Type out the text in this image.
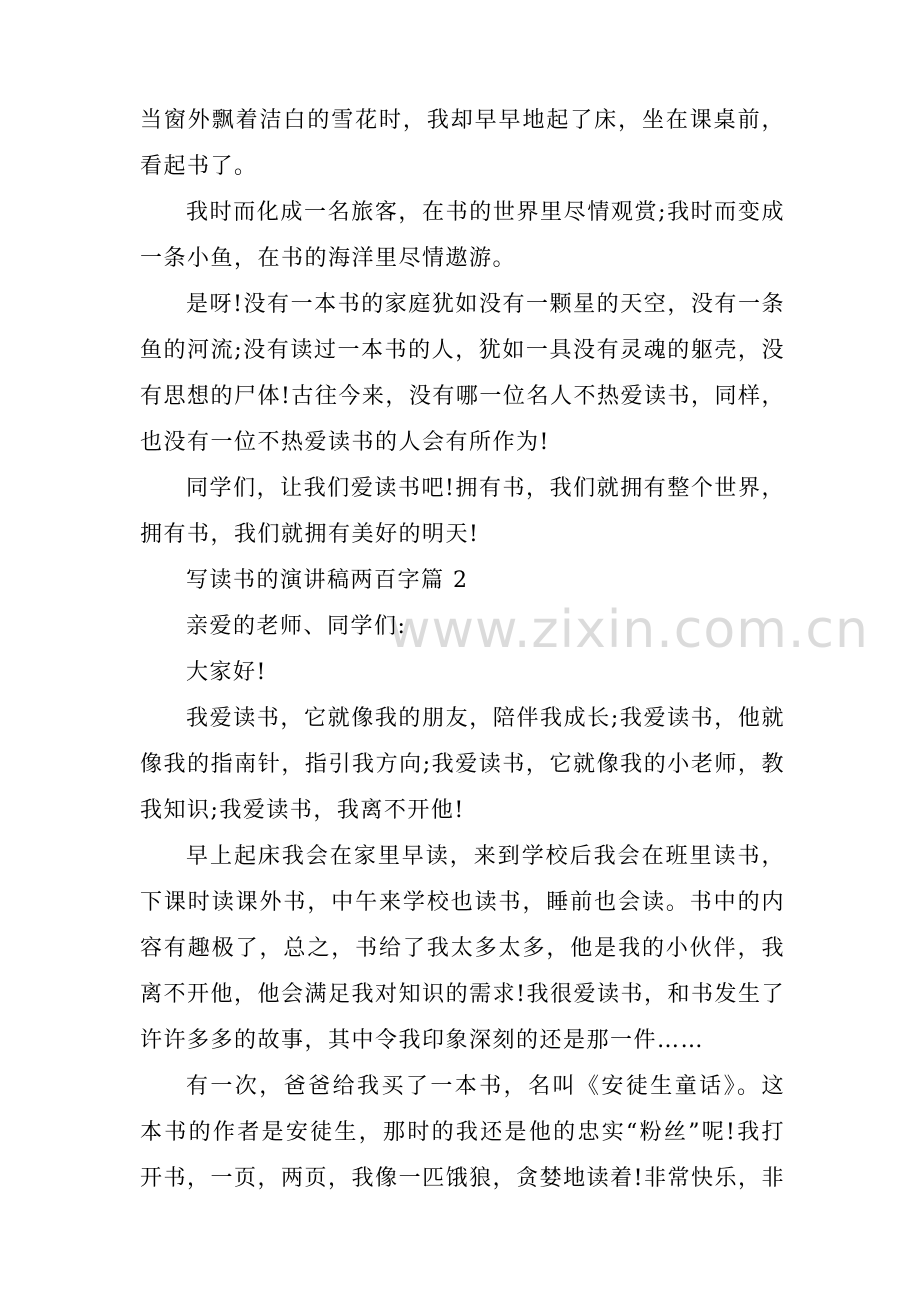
www.zixin.com.cn
当窗外飘着洁白的雪花时，我却早早地起了床，坐在课桌前，
看起书了。
我时而化成一名旅客，在书的世界里尽情观赏;我时而变成
一条小鱼，在书的海洋里尽情遨游。
是呀!没有一本书的家庭犹如没有一颗星的天空，没有一条
鱼的河流;没有读过一本书的人，犹如一具没有灵魂的躯壳，没
有思想的尸体!古往今来，没有哪一位名人不热爱读书，同样，
也没有一位不热爱读书的人会有所作为!
同学们，让我们爱读书吧!拥有书，我们就拥有整个世界，
拥有书，我们就拥有美好的明天!
写读书的演讲稿两百字篇 2
亲爱的老师、同学们:
大家好!
我爱读书，它就像我的朋友，陪伴我成长;我爱读书，他就
像我的指南针，指引我方向;我爱读书，它就像我的小老师，教
我知识;我爱读书，我离不开他!
早上起床我会在家里早读，来到学校后我会在班里读书，
下课时读课外书，中午来学校也读书，睡前也会读。书中的内
容有趣极了，总之，书给了我太多太多，他是我的小伙伴，我
离不开他，他会满足我对知识的需求!我很爱读书，和书发生了
许许多多的故事，其中令我印象深刻的还是那一件……
有一次，爸爸给我买了一本书，名叫《安徒生童话》。这
本书的作者是安徒生，那时的我还是他的忠实“粉丝”呢!我打
开书，一页，两页，我像一匹饿狼，贪婪地读着!非常快乐，非
